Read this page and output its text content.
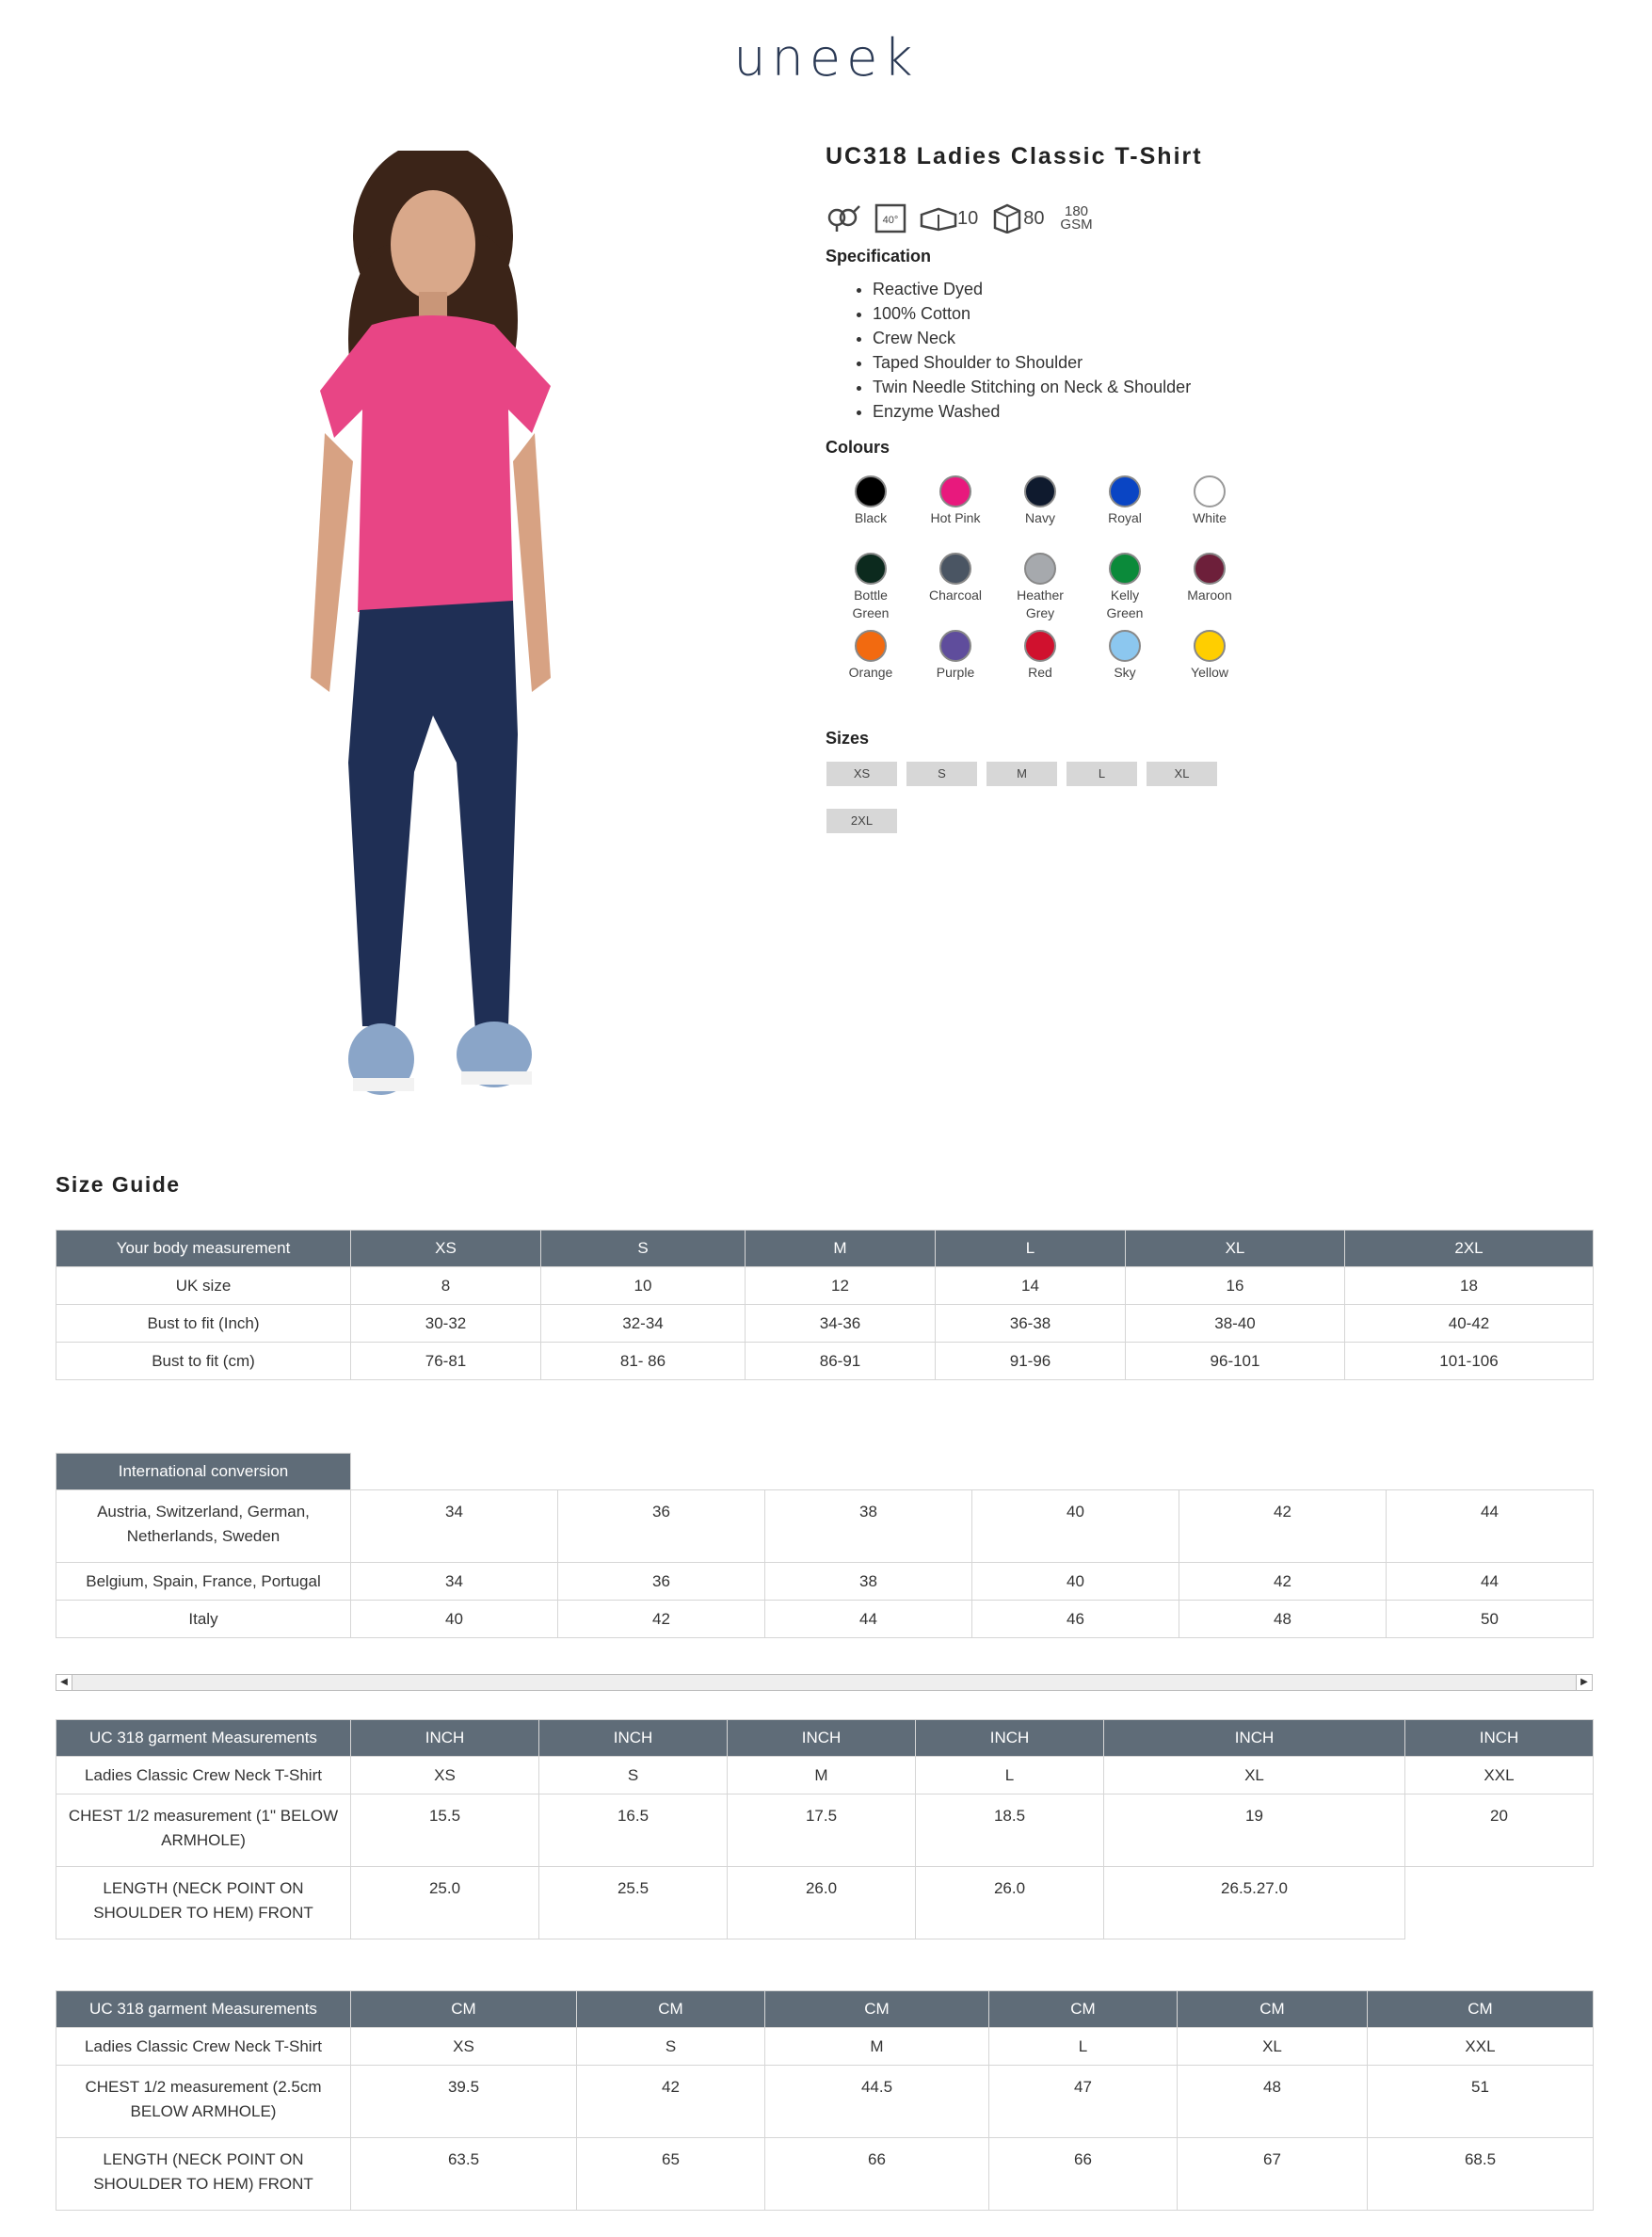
uneek
UC318 Ladies Classic T-Shirt
40°	10 80	180 GSM
Specification
• Reactive Dyed
• 100% Cotton
• Crew Neck
• Taped Shoulder to Shoulder
• Twin Needle Stitching on Neck & Shoulder
• Enzyme Washed
Colours
Black	Hot Pink	Navy	Royal	White
Bottle Green
Charcoal	Heather Grey
Kelly Green
Maroon
Orange	Purple	Red	Sky	Yellow
Sizes
XS	S	M	L	XL
2XL
Size Guide
Your body measurement	XS	S	M	L	XL	2XL
UK size	8	10	12	14	16	18
Bust to fit (Inch)	30-32	32-34	34-36	36-38	38-40	40-42
Bust to fit (cm)	76-81	81- 86	86-91	91-96	96-101	101-106
International conversion						
Austria, Switzerland, German, Netherlands, Sweden	34	36	38	40	42	44
Belgium, Spain, France, Portugal	34	36	38	40	42	44
Italy	40	42	44	46	48	50
◀	▶
UC 318 garment Measurements	INCH	INCH	INCH	INCH	INCH	INCH
Ladies Classic Crew Neck T-Shirt	XS	S	M	L	XL	XXL
CHEST 1/2 measurement (1" BELOW ARMHOLE)	15.5	16.5	17.5	18.5	19	20
LENGTH (NECK POINT ON SHOULDER TO HEM) FRONT	25.0	25.5	26.0	26.0	26.5.27.0	
UC 318 garment Measurements	CM	CM	CM	CM	CM	CM
Ladies Classic Crew Neck T-Shirt	XS	S	M	L	XL	XXL
CHEST 1/2 measurement (2.5cm BELOW ARMHOLE)	39.5	42	44.5	47	48	51
LENGTH (NECK POINT ON SHOULDER TO HEM) FRONT	63.5	65	66	66	67	68.5
